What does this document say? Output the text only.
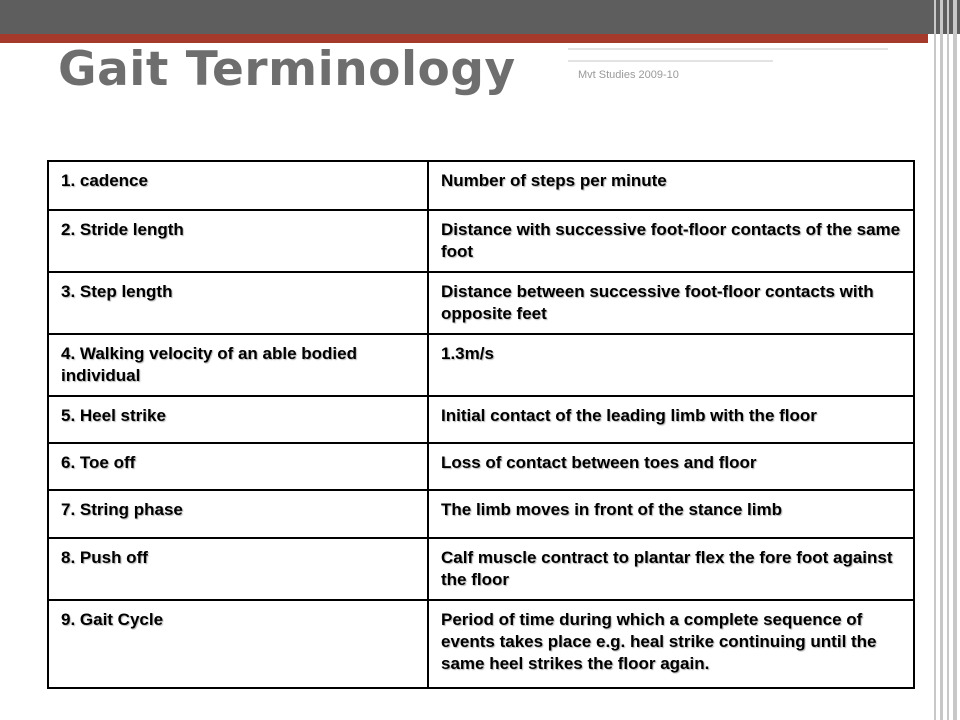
Gait Terminology	Mvt Studies 2009-10
1. cadence	Number of steps per minute
2. Stride length	Distance with successive foot-floor contacts of the same foot
3. Step length	Distance between successive foot-floor contacts with opposite feet
4. Walking velocity of an able bodied individual	1.3m/s
5. Heel strike	Initial contact of the leading limb with the floor
6. Toe off	Loss of contact between toes and floor
7. String phase	The limb moves in front of the stance limb
8. Push off	Calf muscle contract to plantar flex the fore foot against the floor
9. Gait Cycle	Period of time during which a complete sequence of events takes place e.g. heal strike continuing until the same heel strikes the floor again.
